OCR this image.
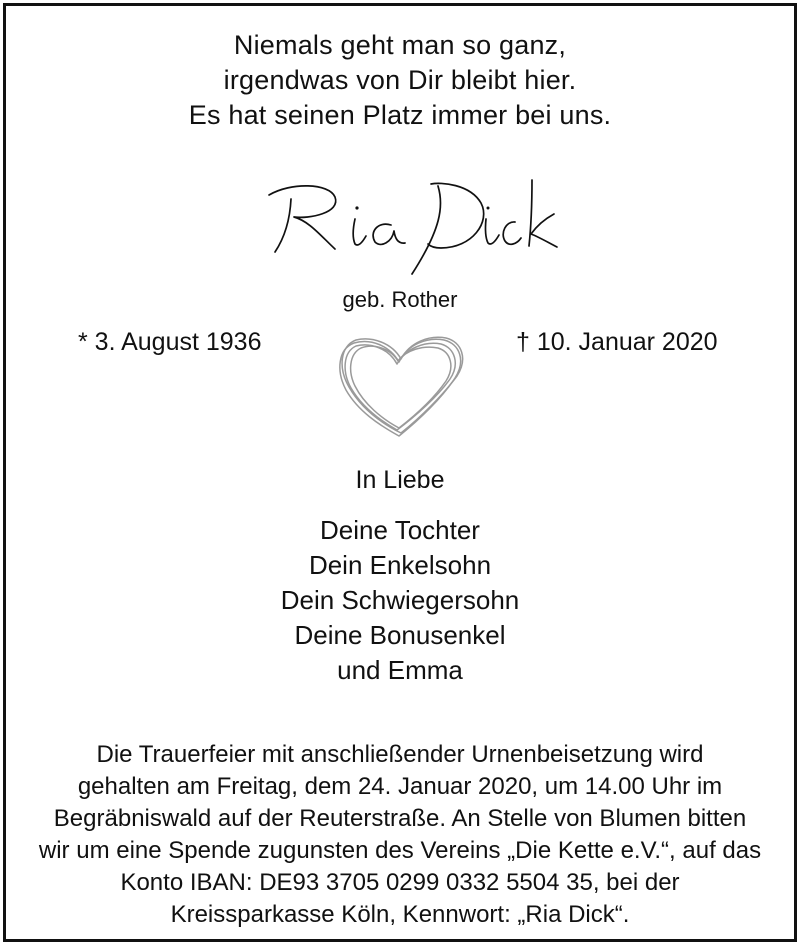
Niemals geht man so ganz,
irgendwas von Dir bleibt hier.
Es hat seinen Platz immer bei uns.
geb. Rother
* 3. August 1936	† 10. Januar 2020
In Liebe
Deine Tochter
Dein Enkelsohn
Dein Schwiegersohn
Deine Bonusenkel
und Emma
Die Trauerfeier mit anschließender Urnenbeisetzung wird
gehalten am Freitag, dem 24. Januar 2020, um 14.00 Uhr im
Begräbniswald auf der Reuterstraße. An Stelle von Blumen bitten
wir um eine Spende zugunsten des Vereins „Die Kette e.V.“, auf das
Konto IBAN: DE93 3705 0299 0332 5504 35, bei der
Kreissparkasse Köln, Kennwort: „Ria Dick“.
